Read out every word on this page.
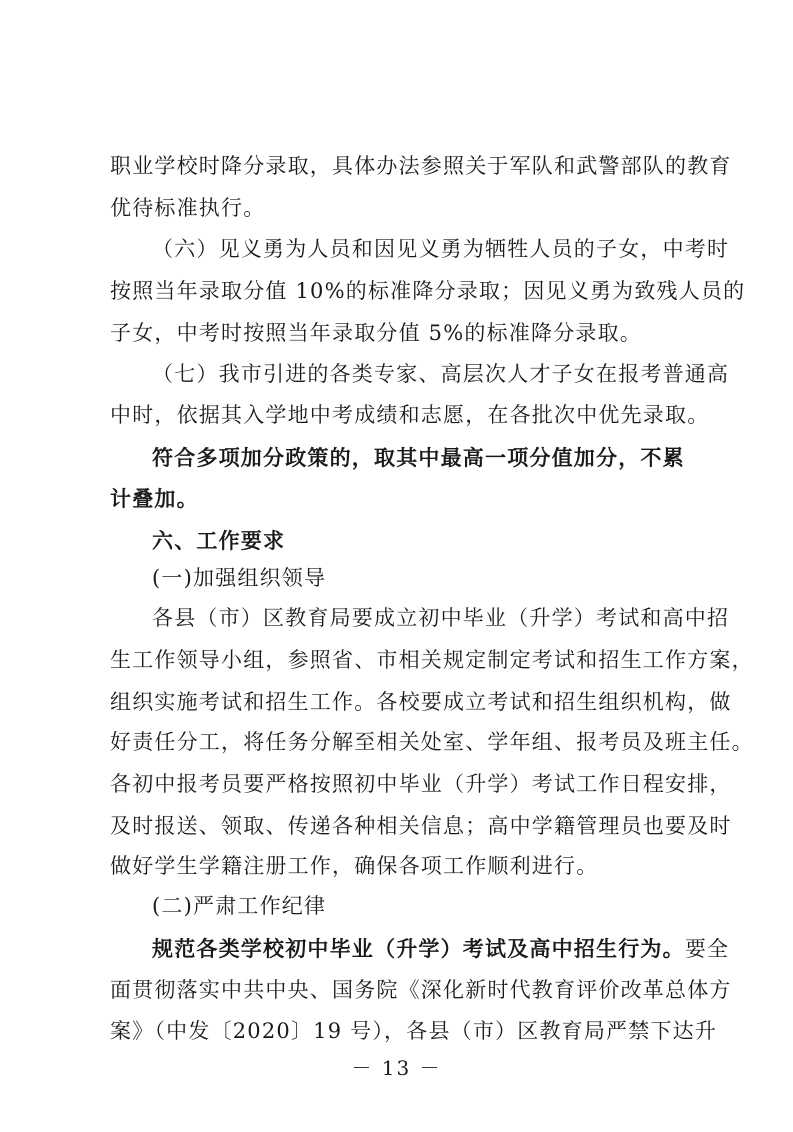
职业学校时降分录取，具体办法参照关于军队和武警部队的教育
优待标准执行。
（六）见义勇为人员和因见义勇为牺牲人员的子女，中考时
按照当年录取分值 10%的标准降分录取；因见义勇为致残人员的
子女，中考时按照当年录取分值 5%的标准降分录取。
（七）我市引进的各类专家、高层次人才子女在报考普通高
中时，依据其入学地中考成绩和志愿，在各批次中优先录取。
符合多项加分政策的，取其中最高一项分值加分，不累
计叠加。
六、工作要求
(一)加强组织领导
各县（市）区教育局要成立初中毕业（升学）考试和高中招
生工作领导小组，参照省、市相关规定制定考试和招生工作方案，
组织实施考试和招生工作。各校要成立考试和招生组织机构，做
好责任分工，将任务分解至相关处室、学年组、报考员及班主任。
各初中报考员要严格按照初中毕业（升学）考试工作日程安排，
及时报送、领取、传递各种相关信息；高中学籍管理员也要及时
做好学生学籍注册工作，确保各项工作顺利进行。
(二)严肃工作纪律
规范各类学校初中毕业（升学）考试及高中招生行为。要全
面贯彻落实中共中央、国务院《深化新时代教育评价改革总体方
－ 13 －
案》（中发〔2020〕19 号），各县（市）区教育局严禁下达升
